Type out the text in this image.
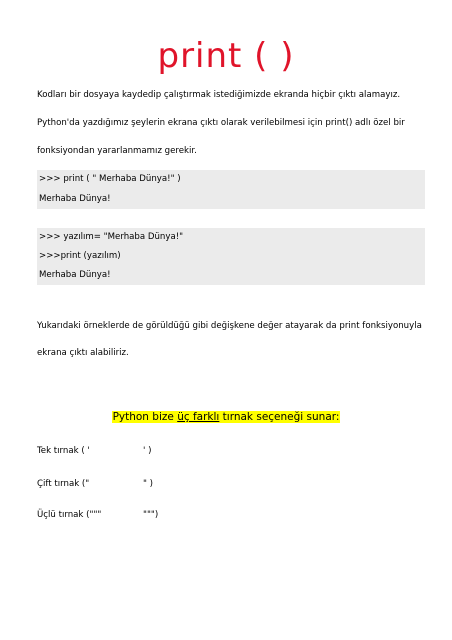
print ( )
Kodları bir dosyaya kaydedip çalıştırmak istediğimizde ekranda hiçbir çıktı alamayız.
Python'da yazdığımız şeylerin ekrana çıktı olarak verilebilmesi için print() adlı özel bir
fonksiyondan yararlanmamız gerekir.
>>> print ( " Merhaba Dünya!" )
Merhaba Dünya!
>>> yazılım= "Merhaba Dünya!"
>>>print (yazılım)
Merhaba Dünya!
Yukarıdaki örneklerde de görüldüğü gibi değişkene değer atayarak da print fonksiyonuyla
ekrana çıktı alabiliriz.
Python bize üç farklı tırnak seçeneği sunar:
Tek tırnak ( '	' )
Çift tırnak ("	" )
Üçlü tırnak ("""	""")
